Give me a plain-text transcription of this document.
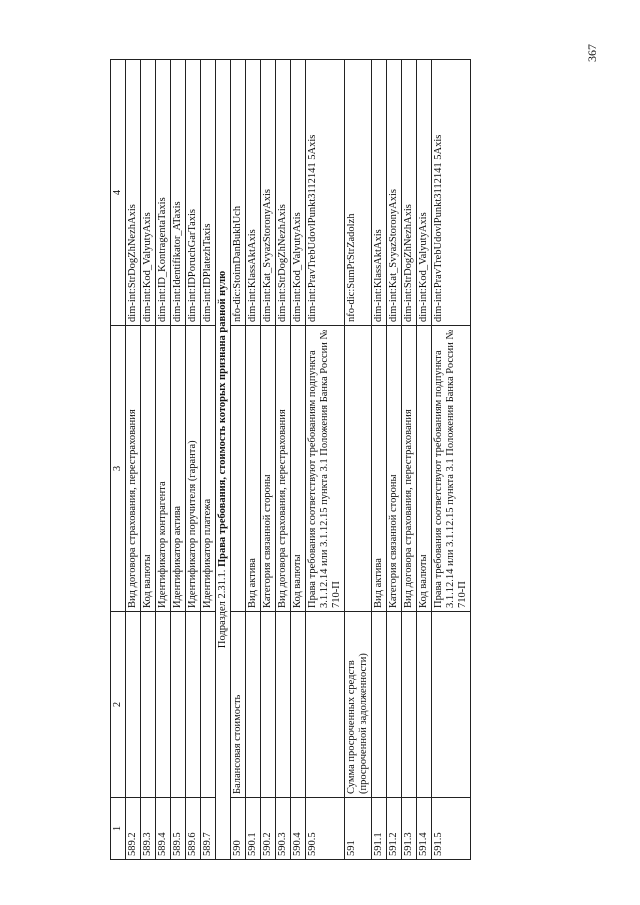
1	2	3	4
589.2		Вид договора страхования, перестрахования	dim-int:StrDogZhNezhAxis
589.3		Код валюты	dim-int:Kod_ValyutyAxis
589.4		Идентификатор контрагента	dim-int:ID_KontragentaTaxis
589.5		Идентификатор актива	dim-int:Identifikator_ATaxis
589.6		Идентификатор поручителя (гаранта)	dim-int:IDPoruchGarTaxis
589.7		Идентификатор платежа	dim-int:IDPlatezhTaxis
Подраздел 2.31.1. Права требования, стоимость которых признана равной нулю			
590	Балансовая стоимость		nfo-dic:StoimDanBukhUch
590.1		Вид актива	dim-int:KlassAktAxis
590.2		Категория связанной стороны	dim-int:Kat_SvyazStoronyAxis
590.3		Вид договора страхования, перестрахования	dim-int:StrDogZhNezhAxis
590.4		Код валюты	dim-int:Kod_ValyutyAxis
590.5		Права требования соответствуют требованиям подпункта 3.1.12.14 или 3.1.12.15 пункта 3.1 Положения Банка России № 710-П	dim-int:PravTrebUdovlPunkt3112141 5Axis
591	Сумма просроченных средств (просроченной задолженности)		nfo-dic:SumPrStrZadolzh
591.1		Вид актива	dim-int:KlassAktAxis
591.2		Категория связанной стороны	dim-int:Kat_SvyazStoronyAxis
591.3		Вид договора страхования, перестрахования	dim-int:StrDogZhNezhAxis
591.4		Код валюты	dim-int:Kod_ValyutyAxis
591.5		Права требования соответствуют требованиям подпункта 3.1.12.14 или 3.1.12.15 пункта 3.1 Положения Банка России № 710-П	dim-int:PravTrebUdovlPunkt3112141 5Axis
367
